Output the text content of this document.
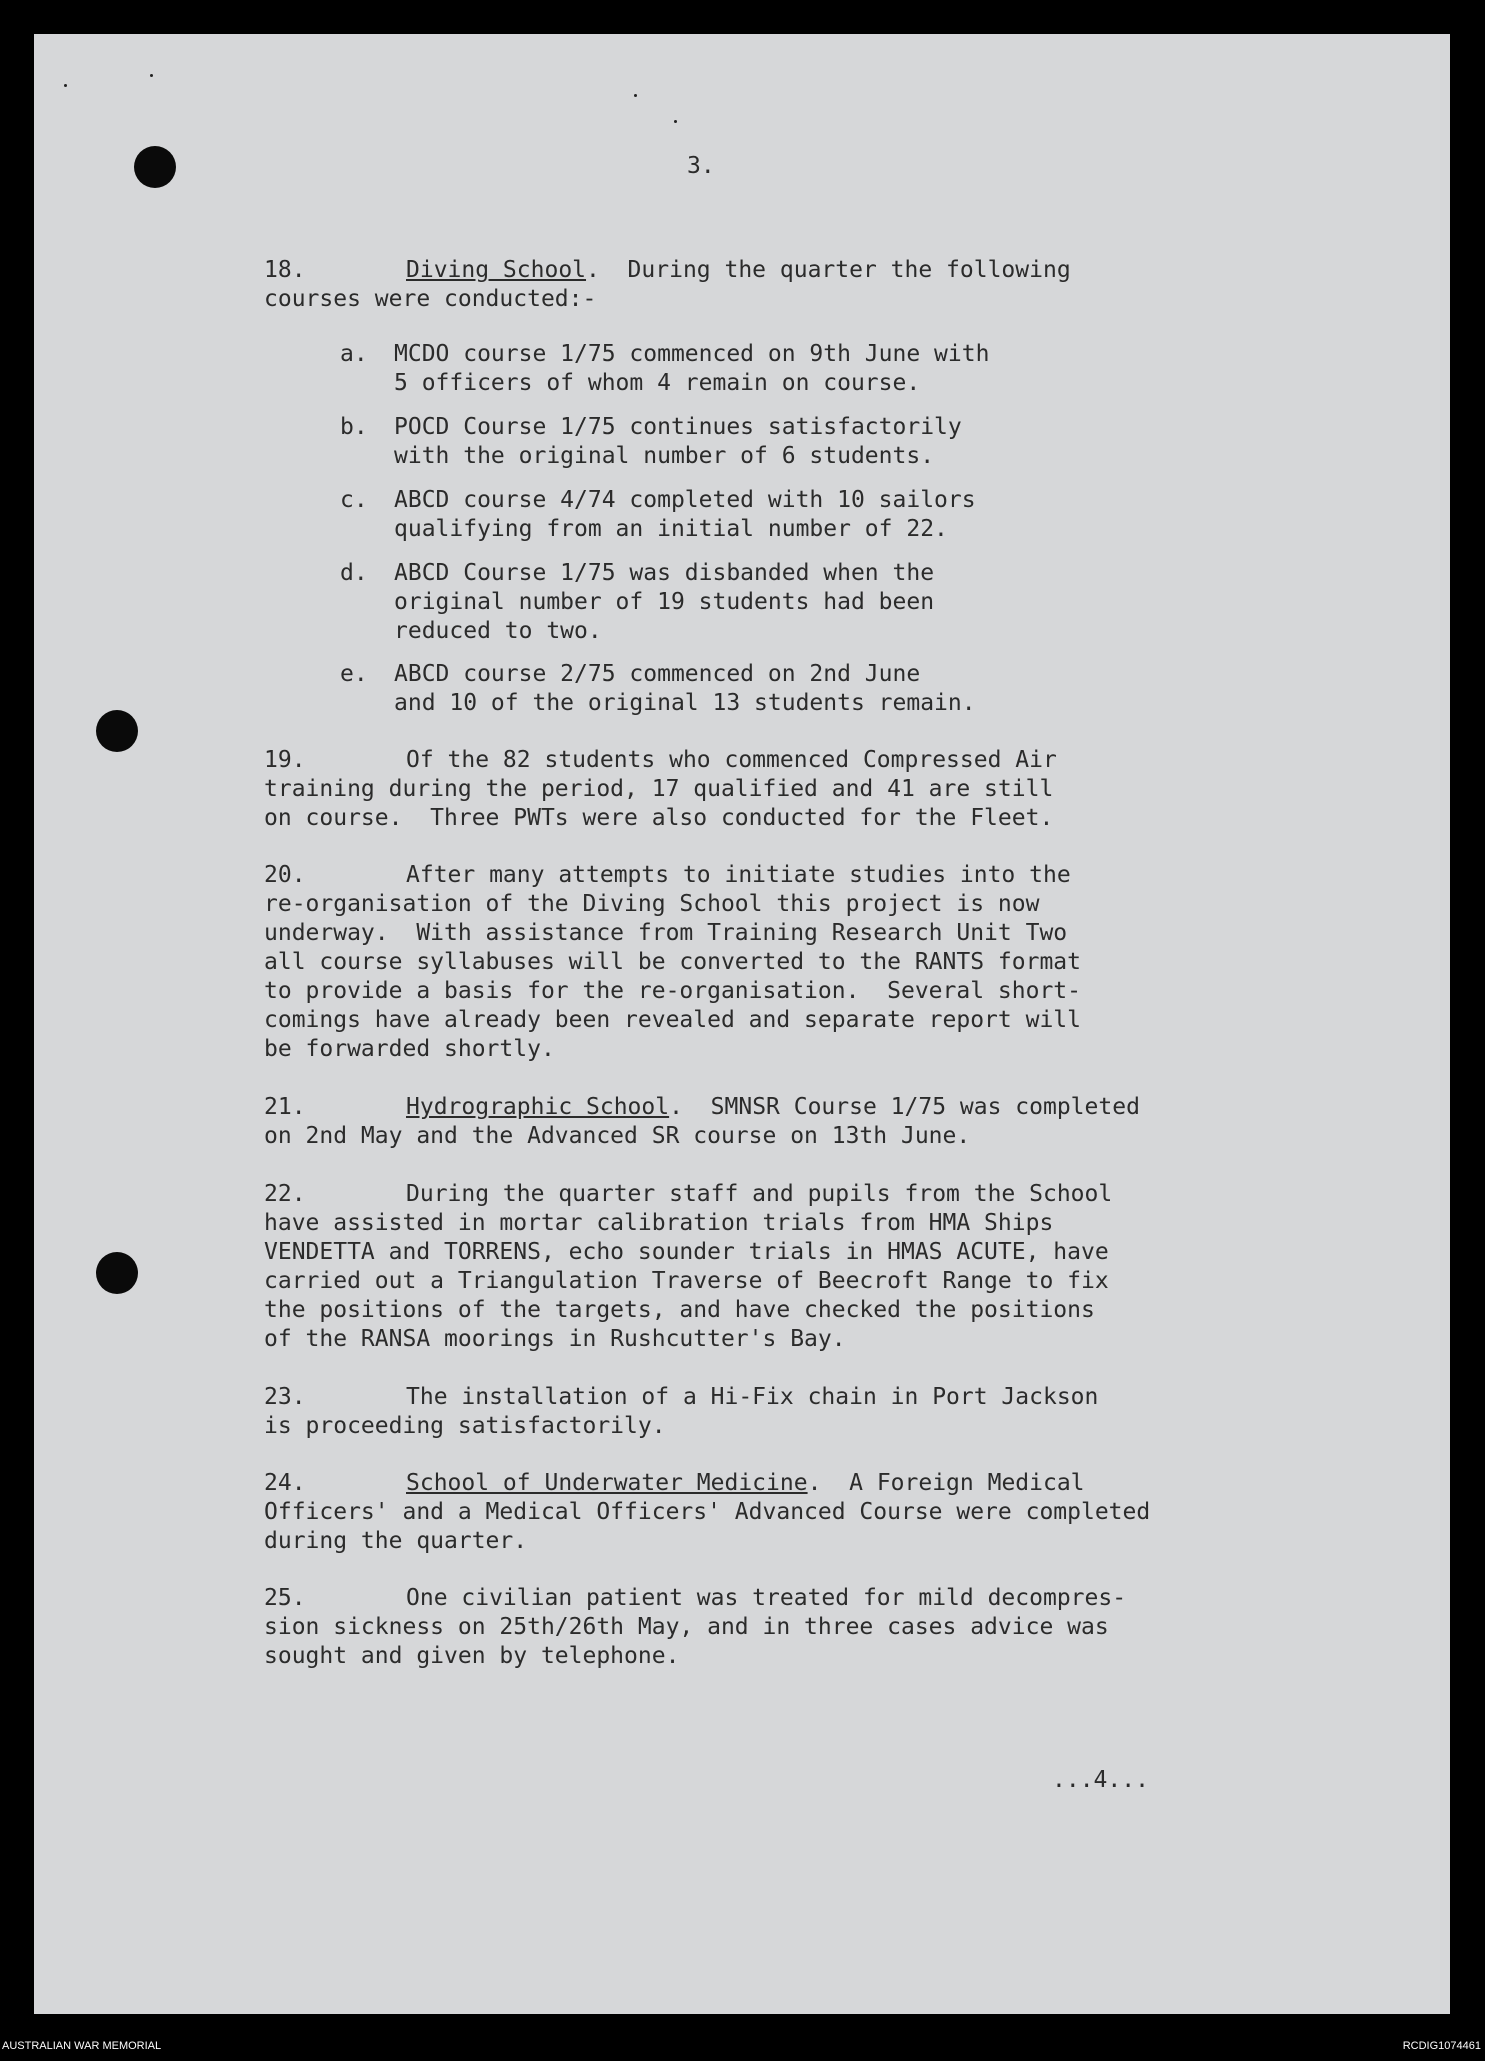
3.
18.	Diving School.  During the quarter the following
courses were conducted:-
a. MCDO course 1/75 commenced on 9th June with
5 officers of whom 4 remain on course.
b. POCD Course 1/75 continues satisfactorily
with the original number of 6 students.
c. ABCD course 4/74 completed with 10 sailors
qualifying from an initial number of 22.
d. ABCD Course 1/75 was disbanded when the
original number of 19 students had been
reduced to two.
e. ABCD course 2/75 commenced on 2nd June
and 10 of the original 13 students remain.
19.	Of the 82 students who commenced Compressed Air
training during the period, 17 qualified and 41 are still
on course.  Three PWTs were also conducted for the Fleet.
20.	After many attempts to initiate studies into the
re-organisation of the Diving School this project is now
underway.  With assistance from Training Research Unit Two
all course syllabuses will be converted to the RANTS format
to provide a basis for the re-organisation.  Several short-
comings have already been revealed and separate report will
be forwarded shortly.
21.	Hydrographic School.  SMNSR Course 1/75 was completed
on 2nd May and the Advanced SR course on 13th June.
22.	During the quarter staff and pupils from the School
have assisted in mortar calibration trials from HMA Ships
VENDETTA and TORRENS, echo sounder trials in HMAS ACUTE, have
carried out a Triangulation Traverse of Beecroft Range to fix
the positions of the targets, and have checked the positions
of the RANSA moorings in Rushcutter's Bay.
23.	The installation of a Hi-Fix chain in Port Jackson
is proceeding satisfactorily.
24.	School of Underwater Medicine.  A Foreign Medical
Officers' and a Medical Officers' Advanced Course were completed
during the quarter.
25.	One civilian patient was treated for mild decompres-
sion sickness on 25th/26th May, and in three cases advice was
sought and given by telephone.
...4...
AUSTRALIAN WAR MEMORIAL	RCDIG1074461
